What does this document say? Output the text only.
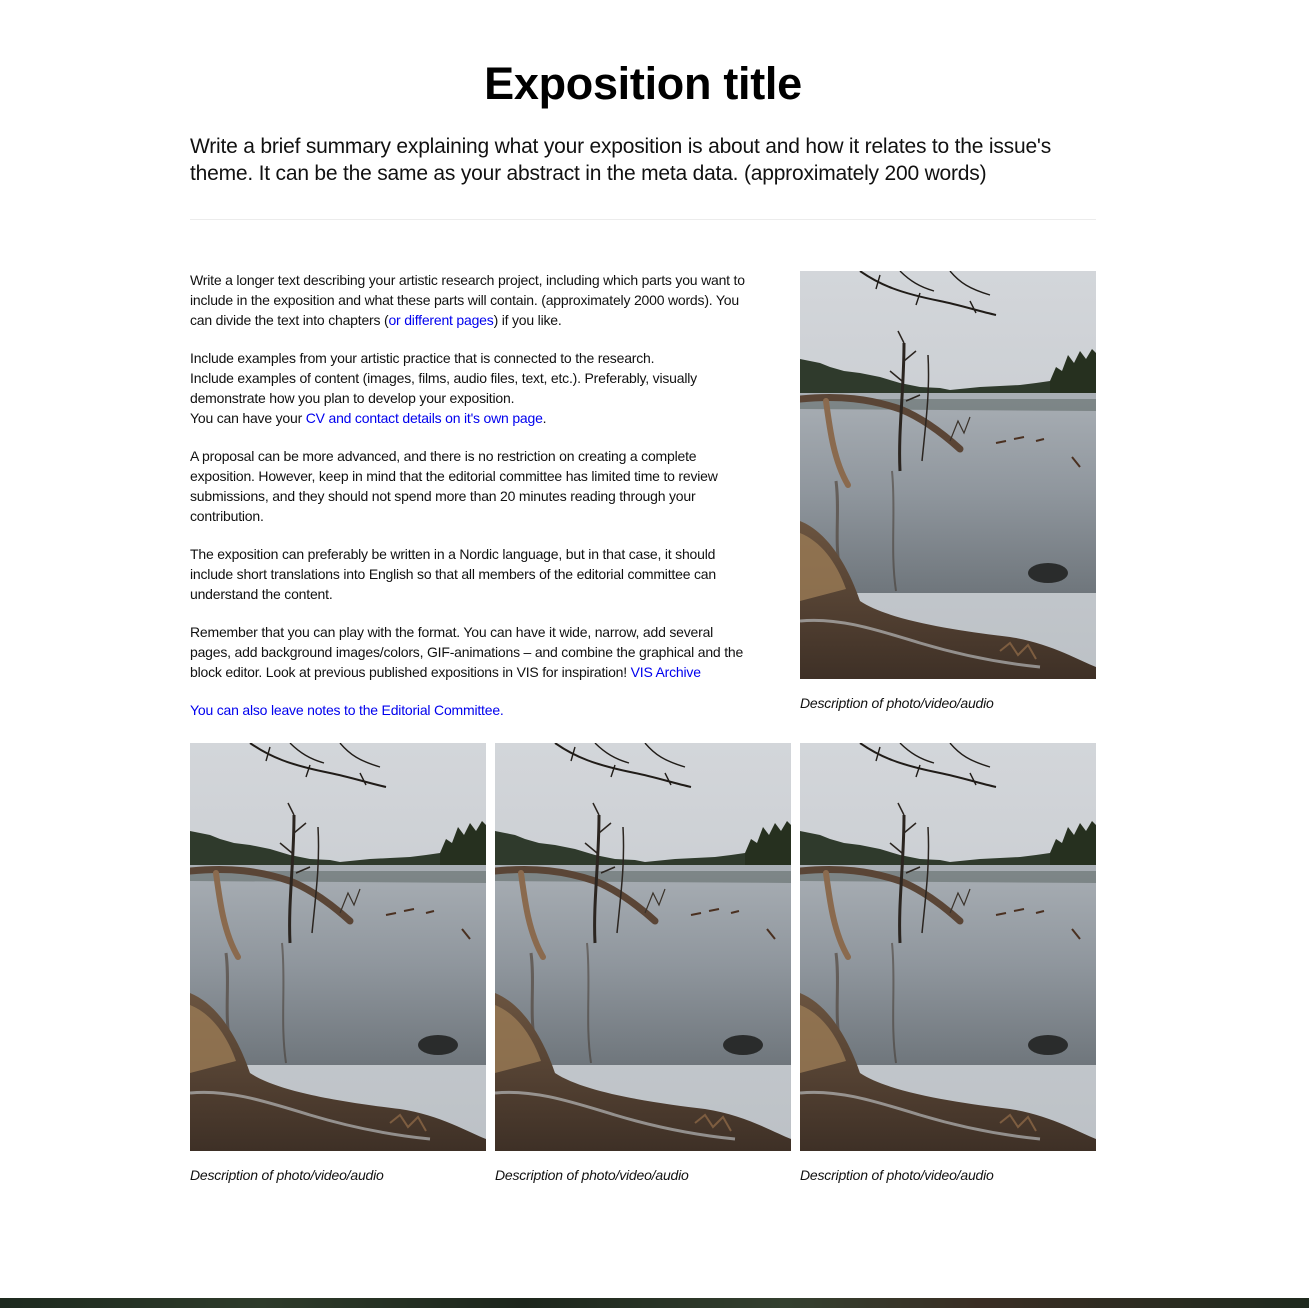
Exposition title

Write a brief summary explaining what your exposition is about and how it relates to the issue's theme. It can be the same as your abstract in the meta data. (approximately 200 words)

Write a longer text describing your artistic research project, including which parts you want to include in the exposition and what these parts will contain. (approximately 2000 words). You can divide the text into chapters (or different pages) if you like.

Include examples from your artistic practice that is connected to the research.
Include examples of content (images, films, audio files, text, etc.). Preferably, visually demonstrate how you plan to develop your exposition.
You can have your CV and contact details on it's own page.

A proposal can be more advanced, and there is no restriction on creating a complete exposition. However, keep in mind that the editorial committee has limited time to review submissions, and they should not spend more than 20 minutes reading through your contribution.

The exposition can preferably be written in a Nordic language, but in that case, it should include short translations into English so that all members of the editorial committee can understand the content.

Remember that you can play with the format. You can have it wide, narrow, add several pages, add background images/colors, GIF-animations – and combine the graphical and the block editor. Look at previous published expositions in VIS for inspiration! VIS Archive

You can also leave notes to the Editorial Committee.	Description of photo/video/audio
Description of photo/video/audio	Description of photo/video/audio	Description of photo/video/audio
